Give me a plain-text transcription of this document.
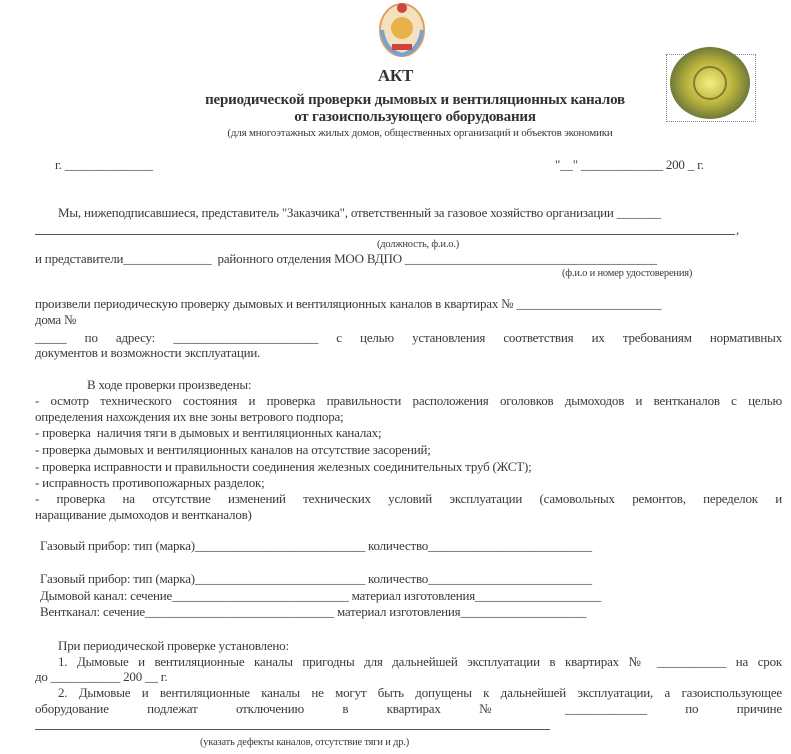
АКТ
периодической проверки дымовых и вентиляционных каналов
от газоиспользующего оборудования
(для многоэтажных жилых домов, общественных организаций и объектов экономики
г. ______________	"__" _____________ 200 _ г.
Мы, нижеподписавшиеся, представитель "Заказчика", ответственный за газовое хозяйство организации _______
,
(должность, ф.и.о.)
и представители______________  районного отделения МОО ВДПО ________________________________________
(ф.и.о и номер удостоверения)
произвели периодическую проверку дымовых и вентиляционных каналов в квартирах № _______________________
дома №
_____ по адресу: _______________________ с целью установления соответствия их требованиям нормативных
документов и возможности эксплуатации.
В ходе проверки произведены:
- осмотр технического состояния и проверка правильности расположения оголовков дымоходов и вентканалов с целью
определения нахождения их вне зоны ветрового подпора;
- проверка  наличия тяги в дымовых и вентиляционных каналах;
- проверка дымовых и вентиляционных каналов на отсутствие засорений;
- проверка исправности и правильности соединения железных соединительных труб (ЖСТ);
- исправность противопожарных разделок;
- проверка на отсутствие изменений технических условий эксплуатации (самовольных ремонтов, переделок и
наращивание дымоходов и вентканалов)
Газовый прибор: тип (марка)___________________________ количество__________________________
Газовый прибор: тип (марка)___________________________ количество__________________________
Дымовой канал: сечение____________________________ материал изготовления____________________
Вентканал: сечение______________________________ материал изготовления____________________
При периодической проверке установлено:
1. Дымовые и вентиляционные каналы пригодны для дальнейшей эксплуатации в квартирах № ___________ на срок
до ___________ 200 __ г.
2. Дымовые и вентиляционные каналы не могут быть допущены к дальнейшей эксплуатации, а газоиспользующее
оборудование подлежат отключению в квартирах № _____________ по причине
(указать дефекты каналов, отсутствие тяги и др.)
